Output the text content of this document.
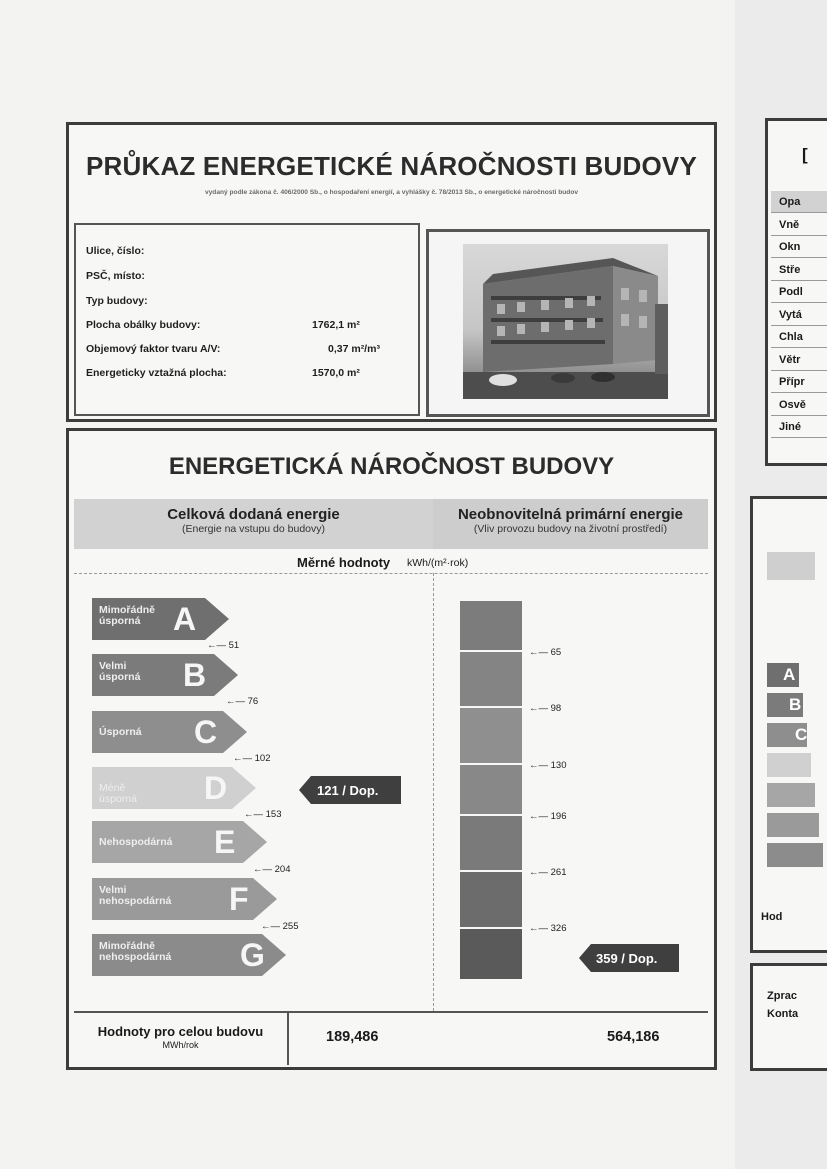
PRŮKAZ ENERGETICKÉ NÁROČNOSTI BUDOVY
vydaný podle zákona č. 406/2000 Sb., o hospodaření energií, a vyhlášky č. 78/2013 Sb., o energetické náročnosti budov
Ulice, číslo:
PSČ, místo:
Typ budovy:
Plocha obálky budovy:	1762,1 m²
Objemový faktor tvaru A/V:	0,37 m²/m³
Energeticky vztažná plocha:	1570,0 m²
ENERGETICKÁ NÁROČNOST BUDOVY
Celková dodaná energie
(Energie na vstupu do budovy)
Neobnovitelná primární energie
(Vliv provozu budovy na životní prostředí)
Měrné hodnoty kWh/(m²·rok)
Mimořádně
úsporná	A
←— 51
Velmi
úsporná B
←— 76
Úsporná C
←— 102
Méně úsporná D
←— 153
Nehospodárná E
←— 204
Velmi
nehospodárná F
←— 255
Mimořádně
nehospodárná G
121 / Dop.
←— 65
←— 98
←— 130
←— 196
←— 261
←— 326
359 / Dop.
Hodnoty pro celou budovu
MWh/rok	189,486	564,186
[
Opa
Vně
Okn
Stře
Podl
Vytá
Chla
Větr
Přípr
Osvě
Jiné
A
B
C
Hod
Zprac
Konta
